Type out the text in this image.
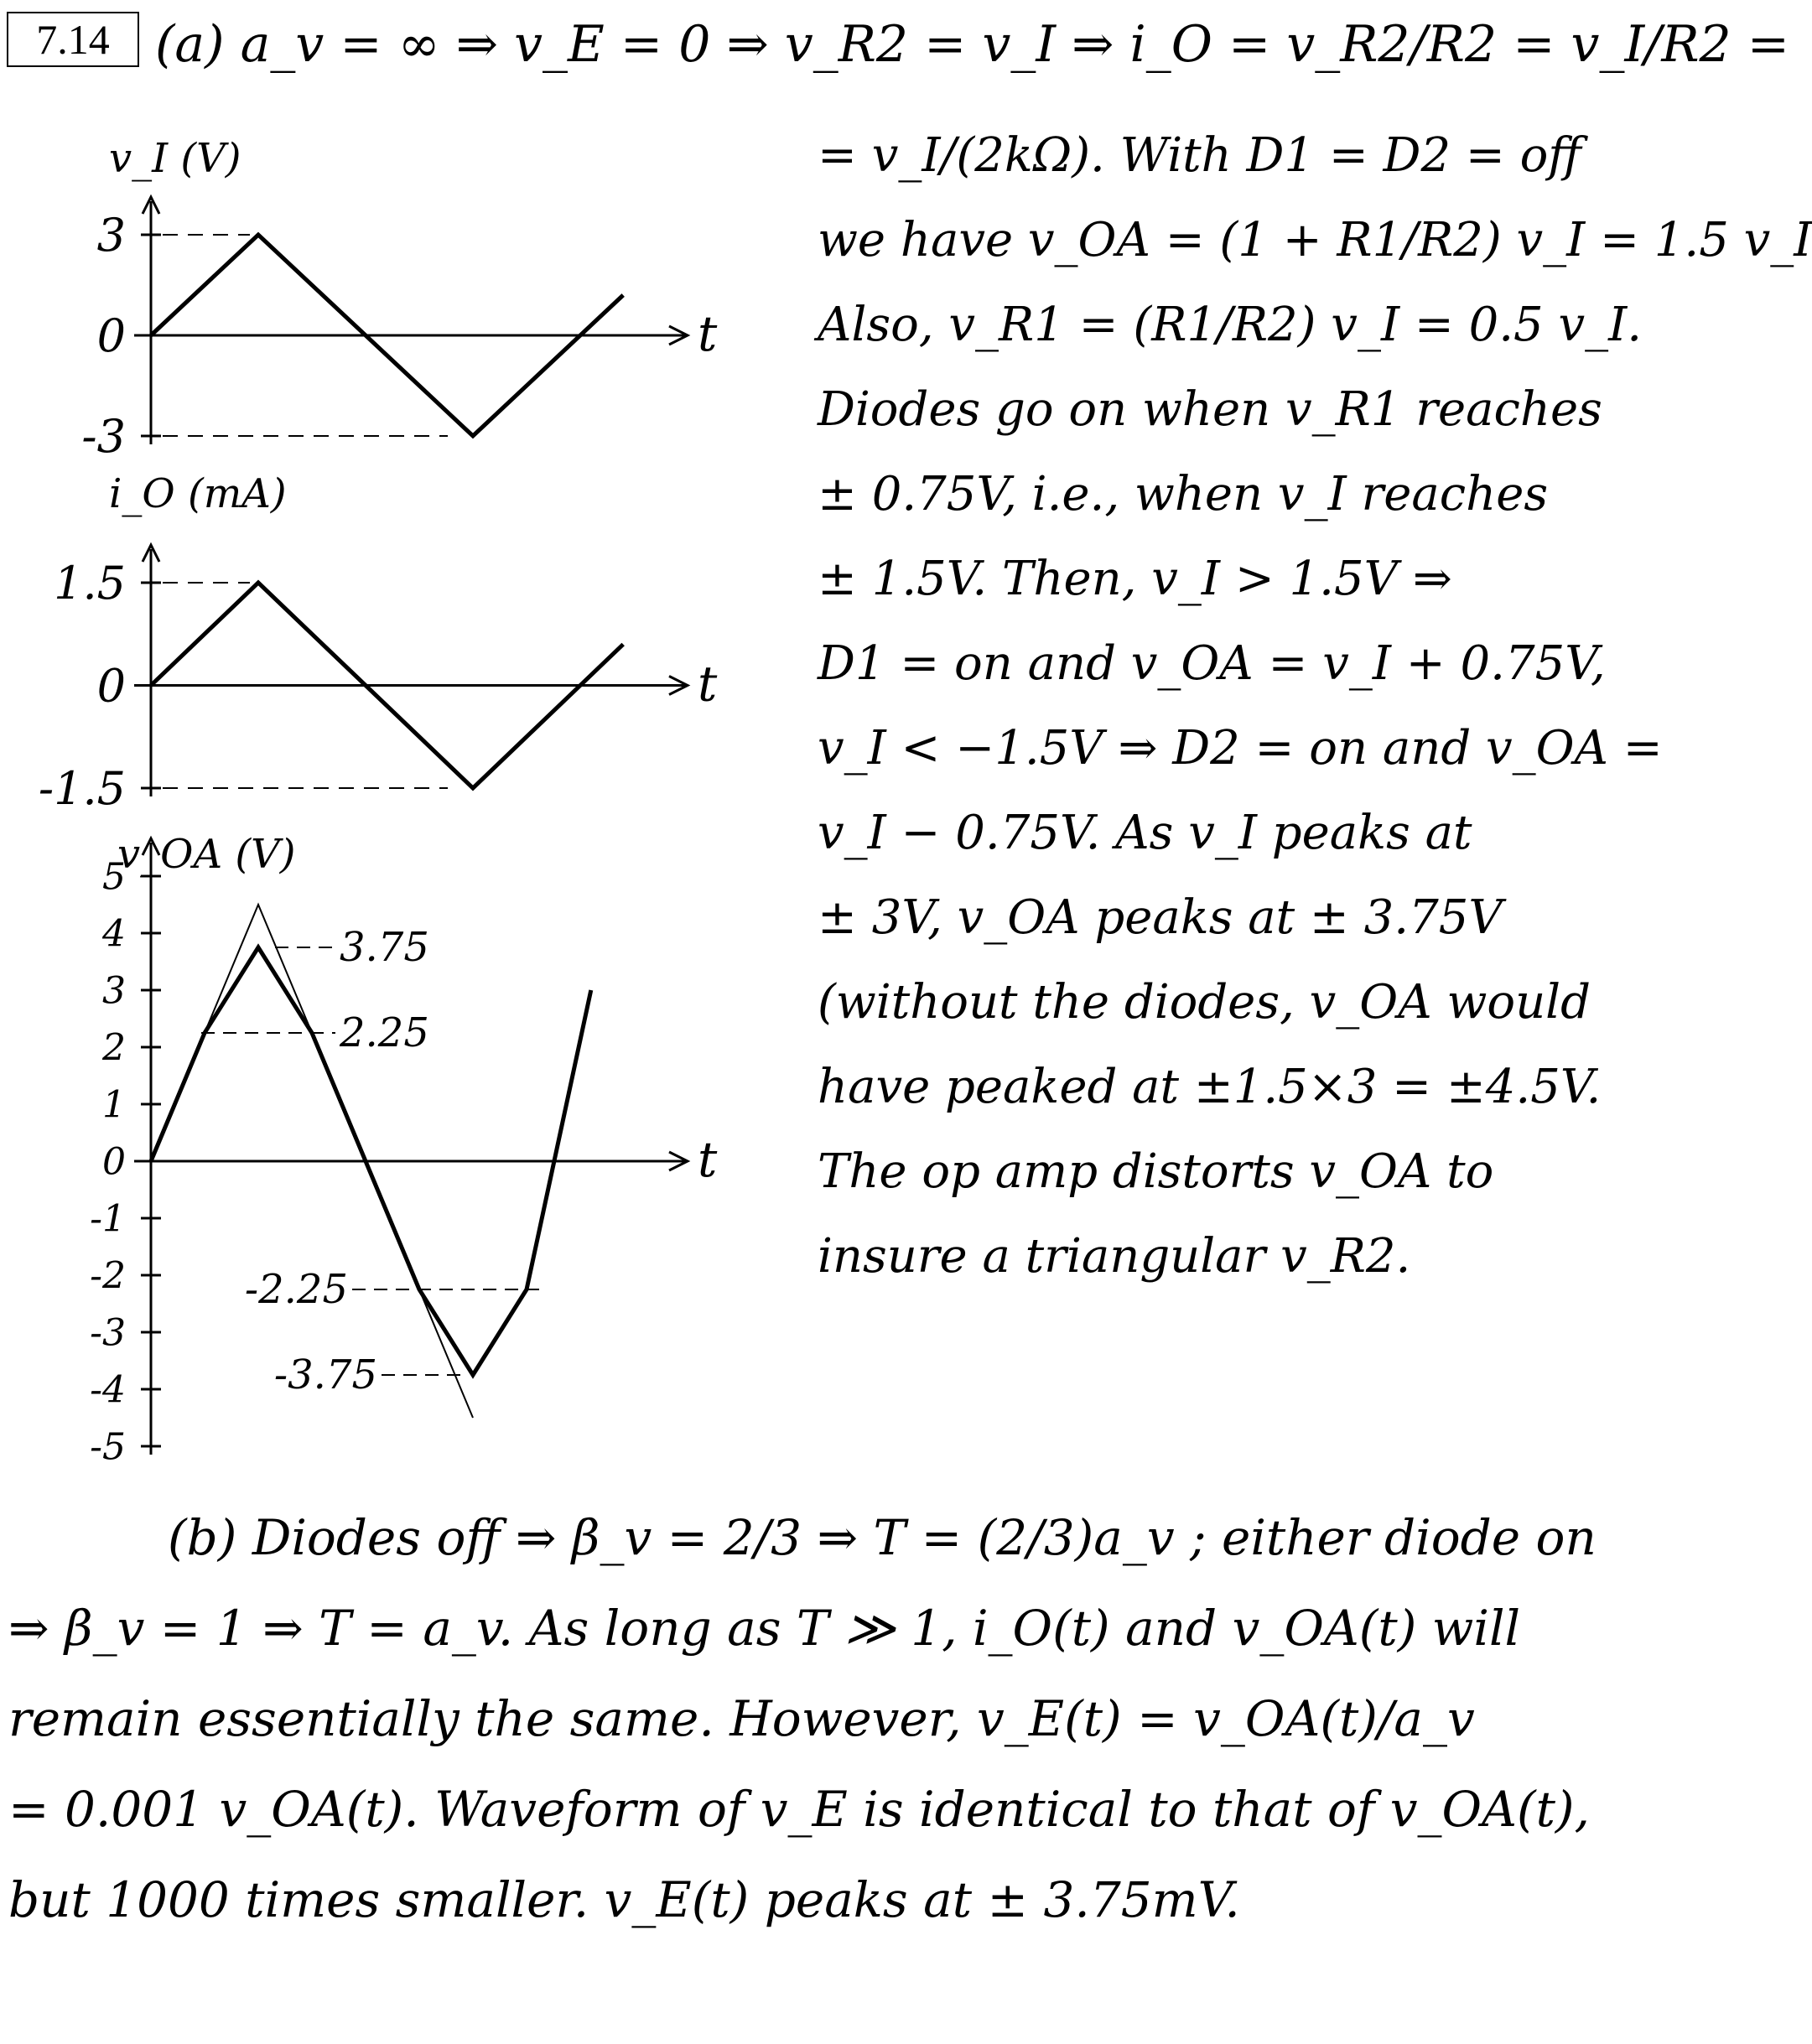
7.14 (a) a_v = ∞ ⇒ v_E = 0 ⇒ v_R2 = v_I ⇒ i_O = v_R2/R2 = v_I/R2 =
t
v_I (V)
3
0
-3
t
i_O (mA)
1.5
0
-1.5
t
v_OA (V)
5
4
3
2
1
0
-1
-2
-3
-4
-5
3.75
2.25
-2.25
-3.75
= v_I/(2kΩ). With D1 = D2 = off
we have v_OA = (1 + R1/R2) v_I = 1.5 v_I
Also, v_R1 = (R1/R2) v_I = 0.5 v_I.
Diodes go on when v_R1 reaches
± 0.75V, i.e., when v_I reaches
± 1.5V. Then, v_I > 1.5V ⇒
D1 = on and v_OA = v_I + 0.75V,
v_I < −1.5V ⇒ D2 = on and v_OA =
v_I − 0.75V. As v_I peaks at
± 3V, v_OA peaks at ± 3.75V
(without the diodes, v_OA would
have peaked at ±1.5×3 = ±4.5V.
The op amp distorts v_OA to
insure a triangular v_R2.
(b) Diodes off ⇒ β_v = 2/3 ⇒ T = (2/3)a_v ; either diode on
⇒ β_v = 1 ⇒ T = a_v. As long as T ≫ 1, i_O(t) and v_OA(t) will
remain essentially the same. However, v_E(t) = v_OA(t)/a_v
= 0.001 v_OA(t). Waveform of v_E is identical to that of v_OA(t),
but 1000 times smaller. v_E(t) peaks at ± 3.75mV.
